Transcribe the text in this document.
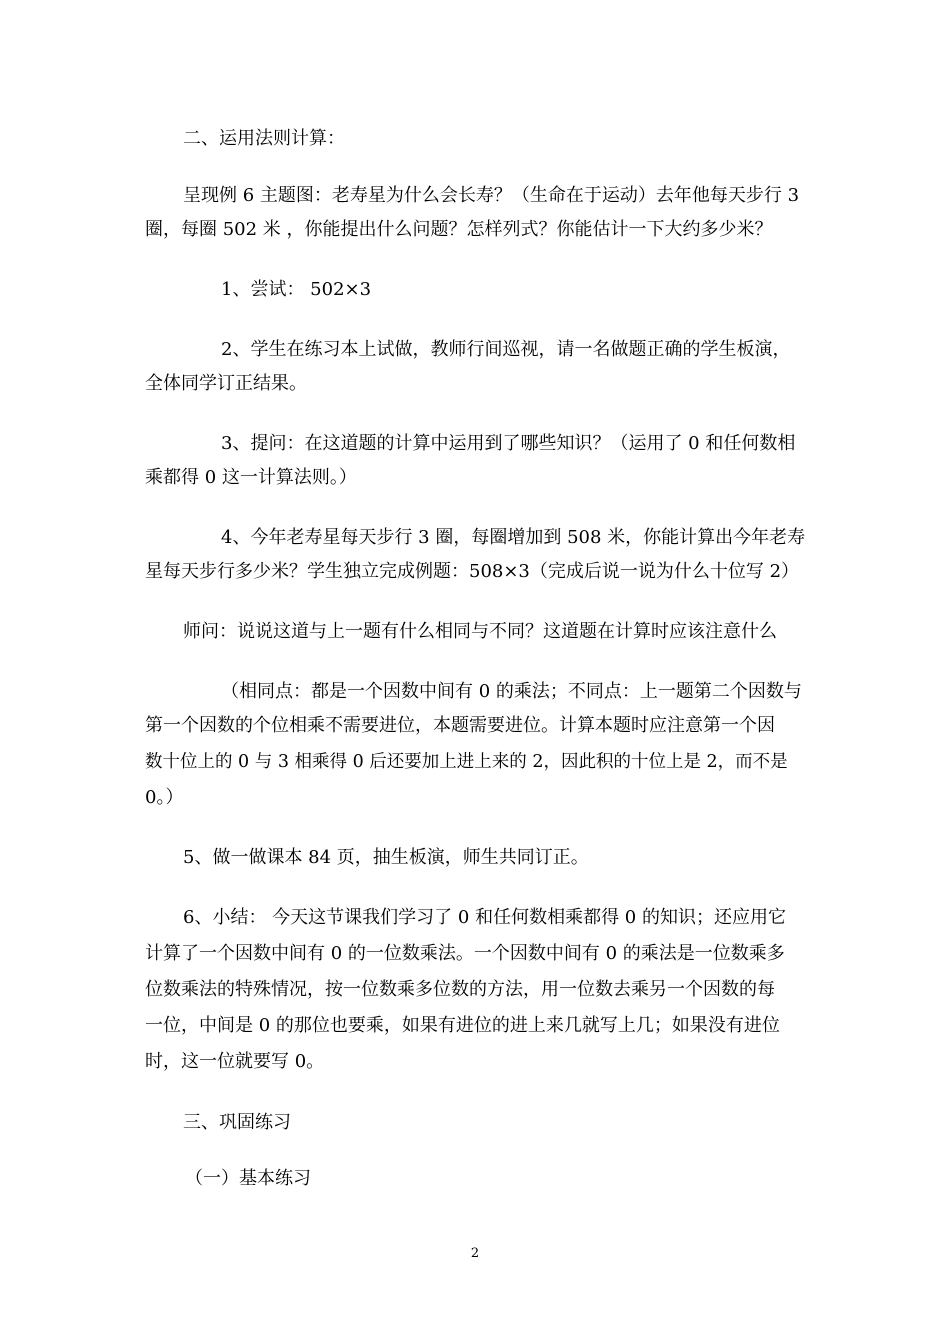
二、运用法则计算：
呈现例 6 主题图：老寿星为什么会长寿？（生命在于运动）去年他每天步行 3
圈，每圈 502 米 ，你能提出什么问题？怎样列式？你能估计一下大约多少米？
1、尝试： 502×3
2、学生在练习本上试做，教师行间巡视，请一名做题正确的学生板演，
全体同学订正结果。
3、提问：在这道题的计算中运用到了哪些知识？（运用了 0 和任何数相
乘都得 0 这一计算法则。）
4、今年老寿星每天步行 3 圈，每圈增加到 508 米，你能计算出今年老寿
星每天步行多少米？学生独立完成例题：508×3（完成后说一说为什么十位写 2）
师问：说说这道与上一题有什么相同与不同？这道题在计算时应该注意什么
（相同点：都是一个因数中间有 0 的乘法；不同点：上一题第二个因数与
第一个因数的个位相乘不需要进位，本题需要进位。计算本题时应注意第一个因
数十位上的 0 与 3 相乘得 0 后还要加上进上来的 2，因此积的十位上是 2，而不是
0。）
5、做一做课本 84 页，抽生板演，师生共同订正。
6、小结： 今天这节课我们学习了 0 和任何数相乘都得 0 的知识；还应用它
计算了一个因数中间有 0 的一位数乘法。一个因数中间有 0 的乘法是一位数乘多
位数乘法的特殊情况，按一位数乘多位数的方法，用一位数去乘另一个因数的每
一位，中间是 0 的那位也要乘，如果有进位的进上来几就写上几；如果没有进位
时，这一位就要写 0。
三、巩固练习
（一）基本练习
2
